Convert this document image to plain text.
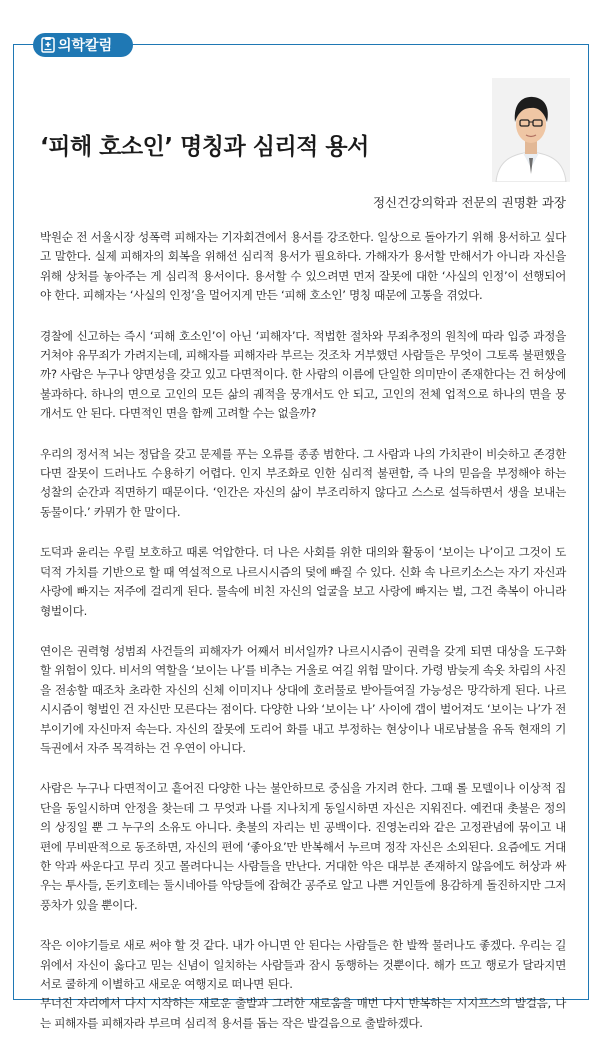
의학칼럼
‘피해 호소인’ 명칭과 심리적 용서
정신건강의학과 전문의 권명환 과장

박원순 전 서울시장 성폭력 피해자는 기자회견에서 용서를 강조한다. 일상으로 돌아가기 위해 용서하고 싶다고 말한다. 실제 피해자의 회복을 위해선 심리적 용서가 필요하다. 가해자가 용서할 만해서가 아니라 자신을 위해 상처를 놓아주는 게 심리적 용서이다. 용서할 수 있으려면 먼저 잘못에 대한 ‘사실의 인정’이 선행되어야 한다. 피해자는 ‘사실의 인정’을 멀어지게 만든 ‘피해 호소인’ 명칭 때문에 고통을 겪었다.

경찰에 신고하는 즉시 ‘피해 호소인’이 아닌 ‘피해자’다. 적법한 절차와 무죄추정의 원칙에 따라 입증 과정을 거쳐야 유무죄가 가려지는데, 피해자를 피해자라 부르는 것조차 거부했던 사람들은 무엇이 그토록 불편했을까? 사람은 누구나 양면성을 갖고 있고 다면적이다. 한 사람의 이름에 단일한 의미만이 존재한다는 건 허상에 불과하다. 하나의 면으로 고인의 모든 삶의 궤적을 뭉개서도 안 되고, 고인의 전체 업적으로 하나의 면을 뭉개서도 안 된다. 다면적인 면을 함께 고려할 수는 없을까?

우리의 정서적 뇌는 정답을 갖고 문제를 푸는 오류를 종종 범한다. 그 사람과 나의 가치관이 비슷하고 존경한다면 잘못이 드러나도 수용하기 어렵다. 인지 부조화로 인한 심리적 불편함, 즉 나의 믿음을 부정해야 하는 성찰의 순간과 직면하기 때문이다. ‘인간은 자신의 삶이 부조리하지 않다고 스스로 설득하면서 생을 보내는 동물이다.’ 카뮈가 한 말이다.

도덕과 윤리는 우릴 보호하고 때론 억압한다. 더 나은 사회를 위한 대의와 활동이 ‘보이는 나’이고 그것이 도덕적 가치를 기반으로 할 때 역설적으로 나르시시즘의 덫에 빠질 수 있다. 신화 속 나르키소스는 자기 자신과 사랑에 빠지는 저주에 걸리게 된다. 물속에 비친 자신의 얼굴을 보고 사랑에 빠지는 벌, 그건 축복이 아니라 형벌이다.

연이은 권력형 성범죄 사건들의 피해자가 어째서 비서일까? 나르시시즘이 권력을 갖게 되면 대상을 도구화할 위험이 있다. 비서의 역할을 ‘보이는 나’를 비추는 거울로 여길 위험 말이다. 가령 밤늦게 속옷 차림의 사진을 전송할 때조차 초라한 자신의 신체 이미지나 상대에 호러물로 받아들여질 가능성은 망각하게 된다. 나르시시즘이 형벌인 건 자신만 모른다는 점이다. 다양한 나와 ‘보이는 나’ 사이에 갭이 벌어져도 ‘보이는 나’가 전부이기에 자신마저 속는다. 자신의 잘못에 도리어 화를 내고 부정하는 현상이나 내로남불을 유독 현재의 기득권에서 자주 목격하는 건 우연이 아니다.

사람은 누구나 다면적이고 흩어진 다양한 나는 불안하므로 중심을 가지려 한다. 그때 롤 모델이나 이상적 집단을 동일시하며 안정을 찾는데 그 무엇과 나를 지나치게 동일시하면 자신은 지워진다. 예컨대 촛불은 정의의 상징일 뿐 그 누구의 소유도 아니다. 촛불의 자리는 빈 공백이다. 진영논리와 같은 고정관념에 묶이고 내 편에 무비판적으로 동조하면, 자신의 편에 ‘좋아요’만 반복해서 누르며 정작 자신은 소외된다. 요즘에도 거대한 악과 싸운다고 무리 짓고 몰려다니는 사람들을 만난다. 거대한 악은 대부분 존재하지 않음에도 허상과 싸우는 투사들, 돈키호테는 둘시네아를 악당들에 잡혀간 공주로 알고 나쁜 거인들에 용감하게 돌진하지만 그저 풍차가 있을 뿐이다.

작은 이야기들로 새로 써야 할 것 같다. 내가 아니면 안 된다는 사람들은 한 발짝 물러나도 좋겠다. 우리는 길 위에서 자신이 옳다고 믿는 신념이 일치하는 사람들과 잠시 동행하는 것뿐이다. 해가 뜨고 행로가 달라지면 서로 쿨하게 이별하고 새로운 여행지로 떠나면 된다.

무너진 자리에서 다시 시작하는 새로운 출발과 그러한 새로움을 매번 다시 반복하는 시지프스의 발걸음, 나는 피해자를 피해자라 부르며 심리적 용서를 돕는 작은 발걸음으로 출발하겠다.
